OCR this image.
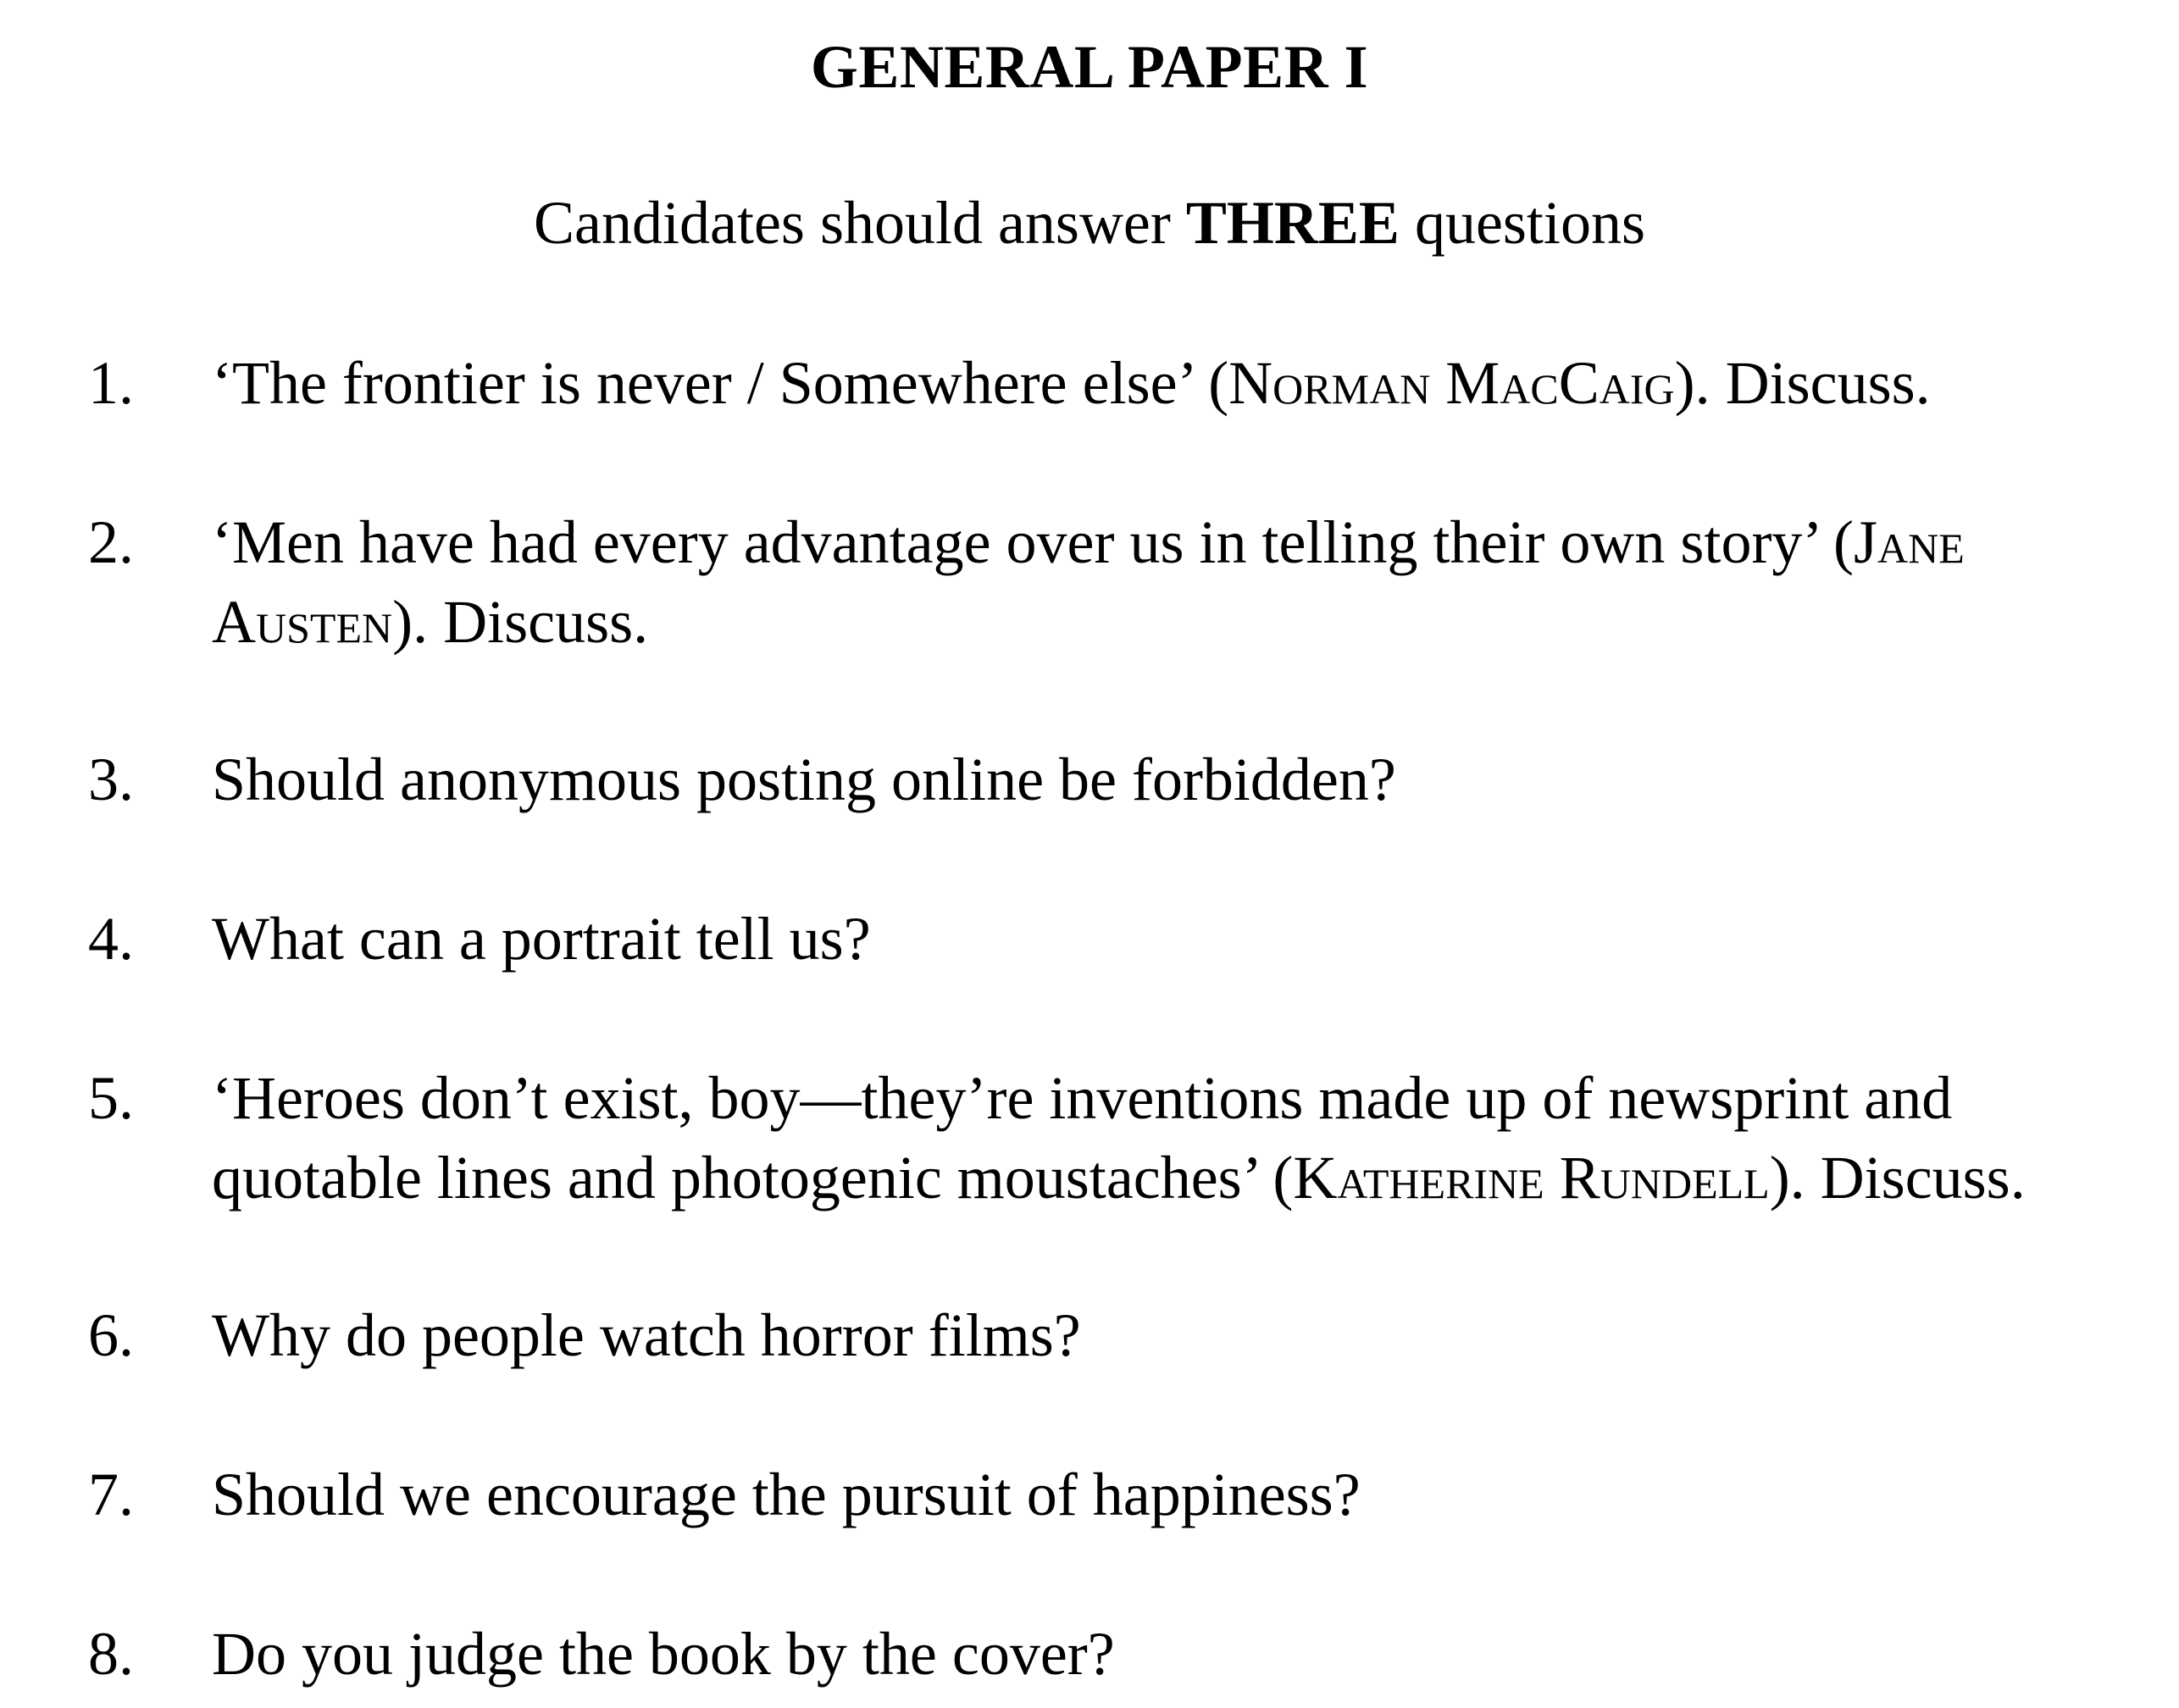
GENERAL PAPER I
Candidates should answer THREE questions
1. ‘The frontier is never / Somewhere else’ (Norman MacCaig). Discuss.
2. ‘Men have had every advantage over us in telling their own story’ (Jane Austen). Discuss.
3. Should anonymous posting online be forbidden?
4. What can a portrait tell us?
5. ‘Heroes don’t exist, boy—they’re inventions made up of newsprint and quotable lines and photogenic moustaches’ (Katherine Rundell). Discuss.
6. Why do people watch horror films?
7. Should we encourage the pursuit of happiness?
8. Do you judge the book by the cover?
